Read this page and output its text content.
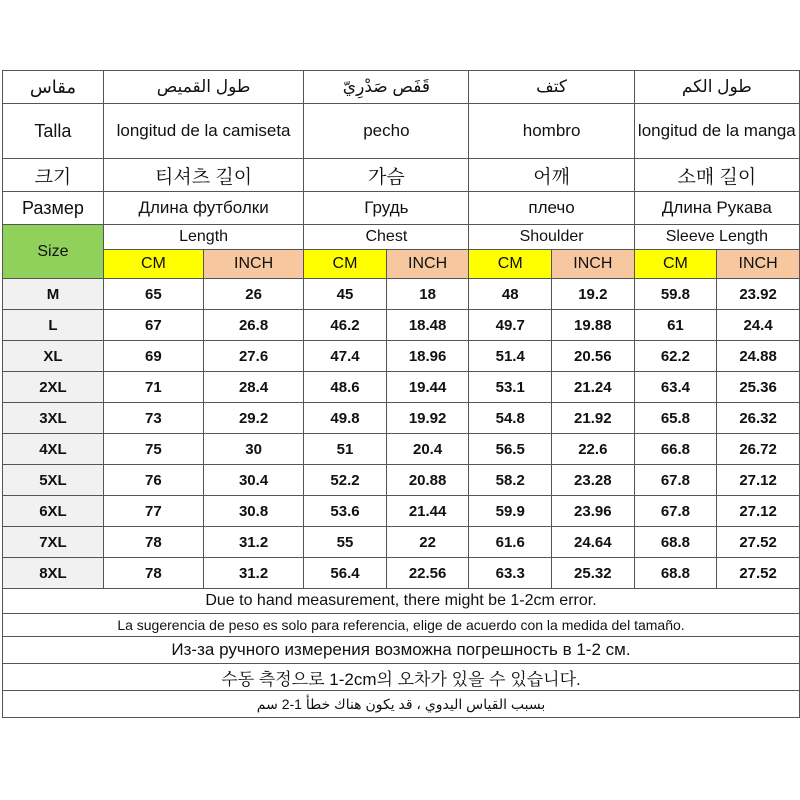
مقاس	طول القميص		قَفَص صَدْرِيّ		كتف		طول الكم	
Talla	longitud de la camiseta		pecho		hombro		longitud de la manga	
크기	티셔츠 길이		가슴		어깨		소매 길이	
Размер	Длина футболки		Грудь		плечо		Длина Рукава	
Size	Length		Chest		Shoulder		Sleeve Length	
	CM	INCH	CM	INCH	CM	INCH	CM	INCH
M	65	26	45	18	48	19.2	59.8	23.92
L	67	26.8	46.2	18.48	49.7	19.88	61	24.4
XL	69	27.6	47.4	18.96	51.4	20.56	62.2	24.88
2XL	71	28.4	48.6	19.44	53.1	21.24	63.4	25.36
3XL	73	29.2	49.8	19.92	54.8	21.92	65.8	26.32
4XL	75	30	51	20.4	56.5	22.6	66.8	26.72
5XL	76	30.4	52.2	20.88	58.2	23.28	67.8	27.12
6XL	77	30.8	53.6	21.44	59.9	23.96	67.8	27.12
7XL	78	31.2	55	22	61.6	24.64	68.8	27.52
8XL	78	31.2	56.4	22.56	63.3	25.32	68.8	27.52
Due to hand measurement, there might be 1-2cm error.								
La sugerencia de peso es solo para referencia, elige de acuerdo con la medida del tamaño.								
Из-за ручного измерения возможна погрешность в 1-2 см.								
수동 측정으로 1-2cm의 오차가 있을 수 있습니다.								
بسبب القياس اليدوي ، قد يكون هناك خطأ 1-2 سم								
